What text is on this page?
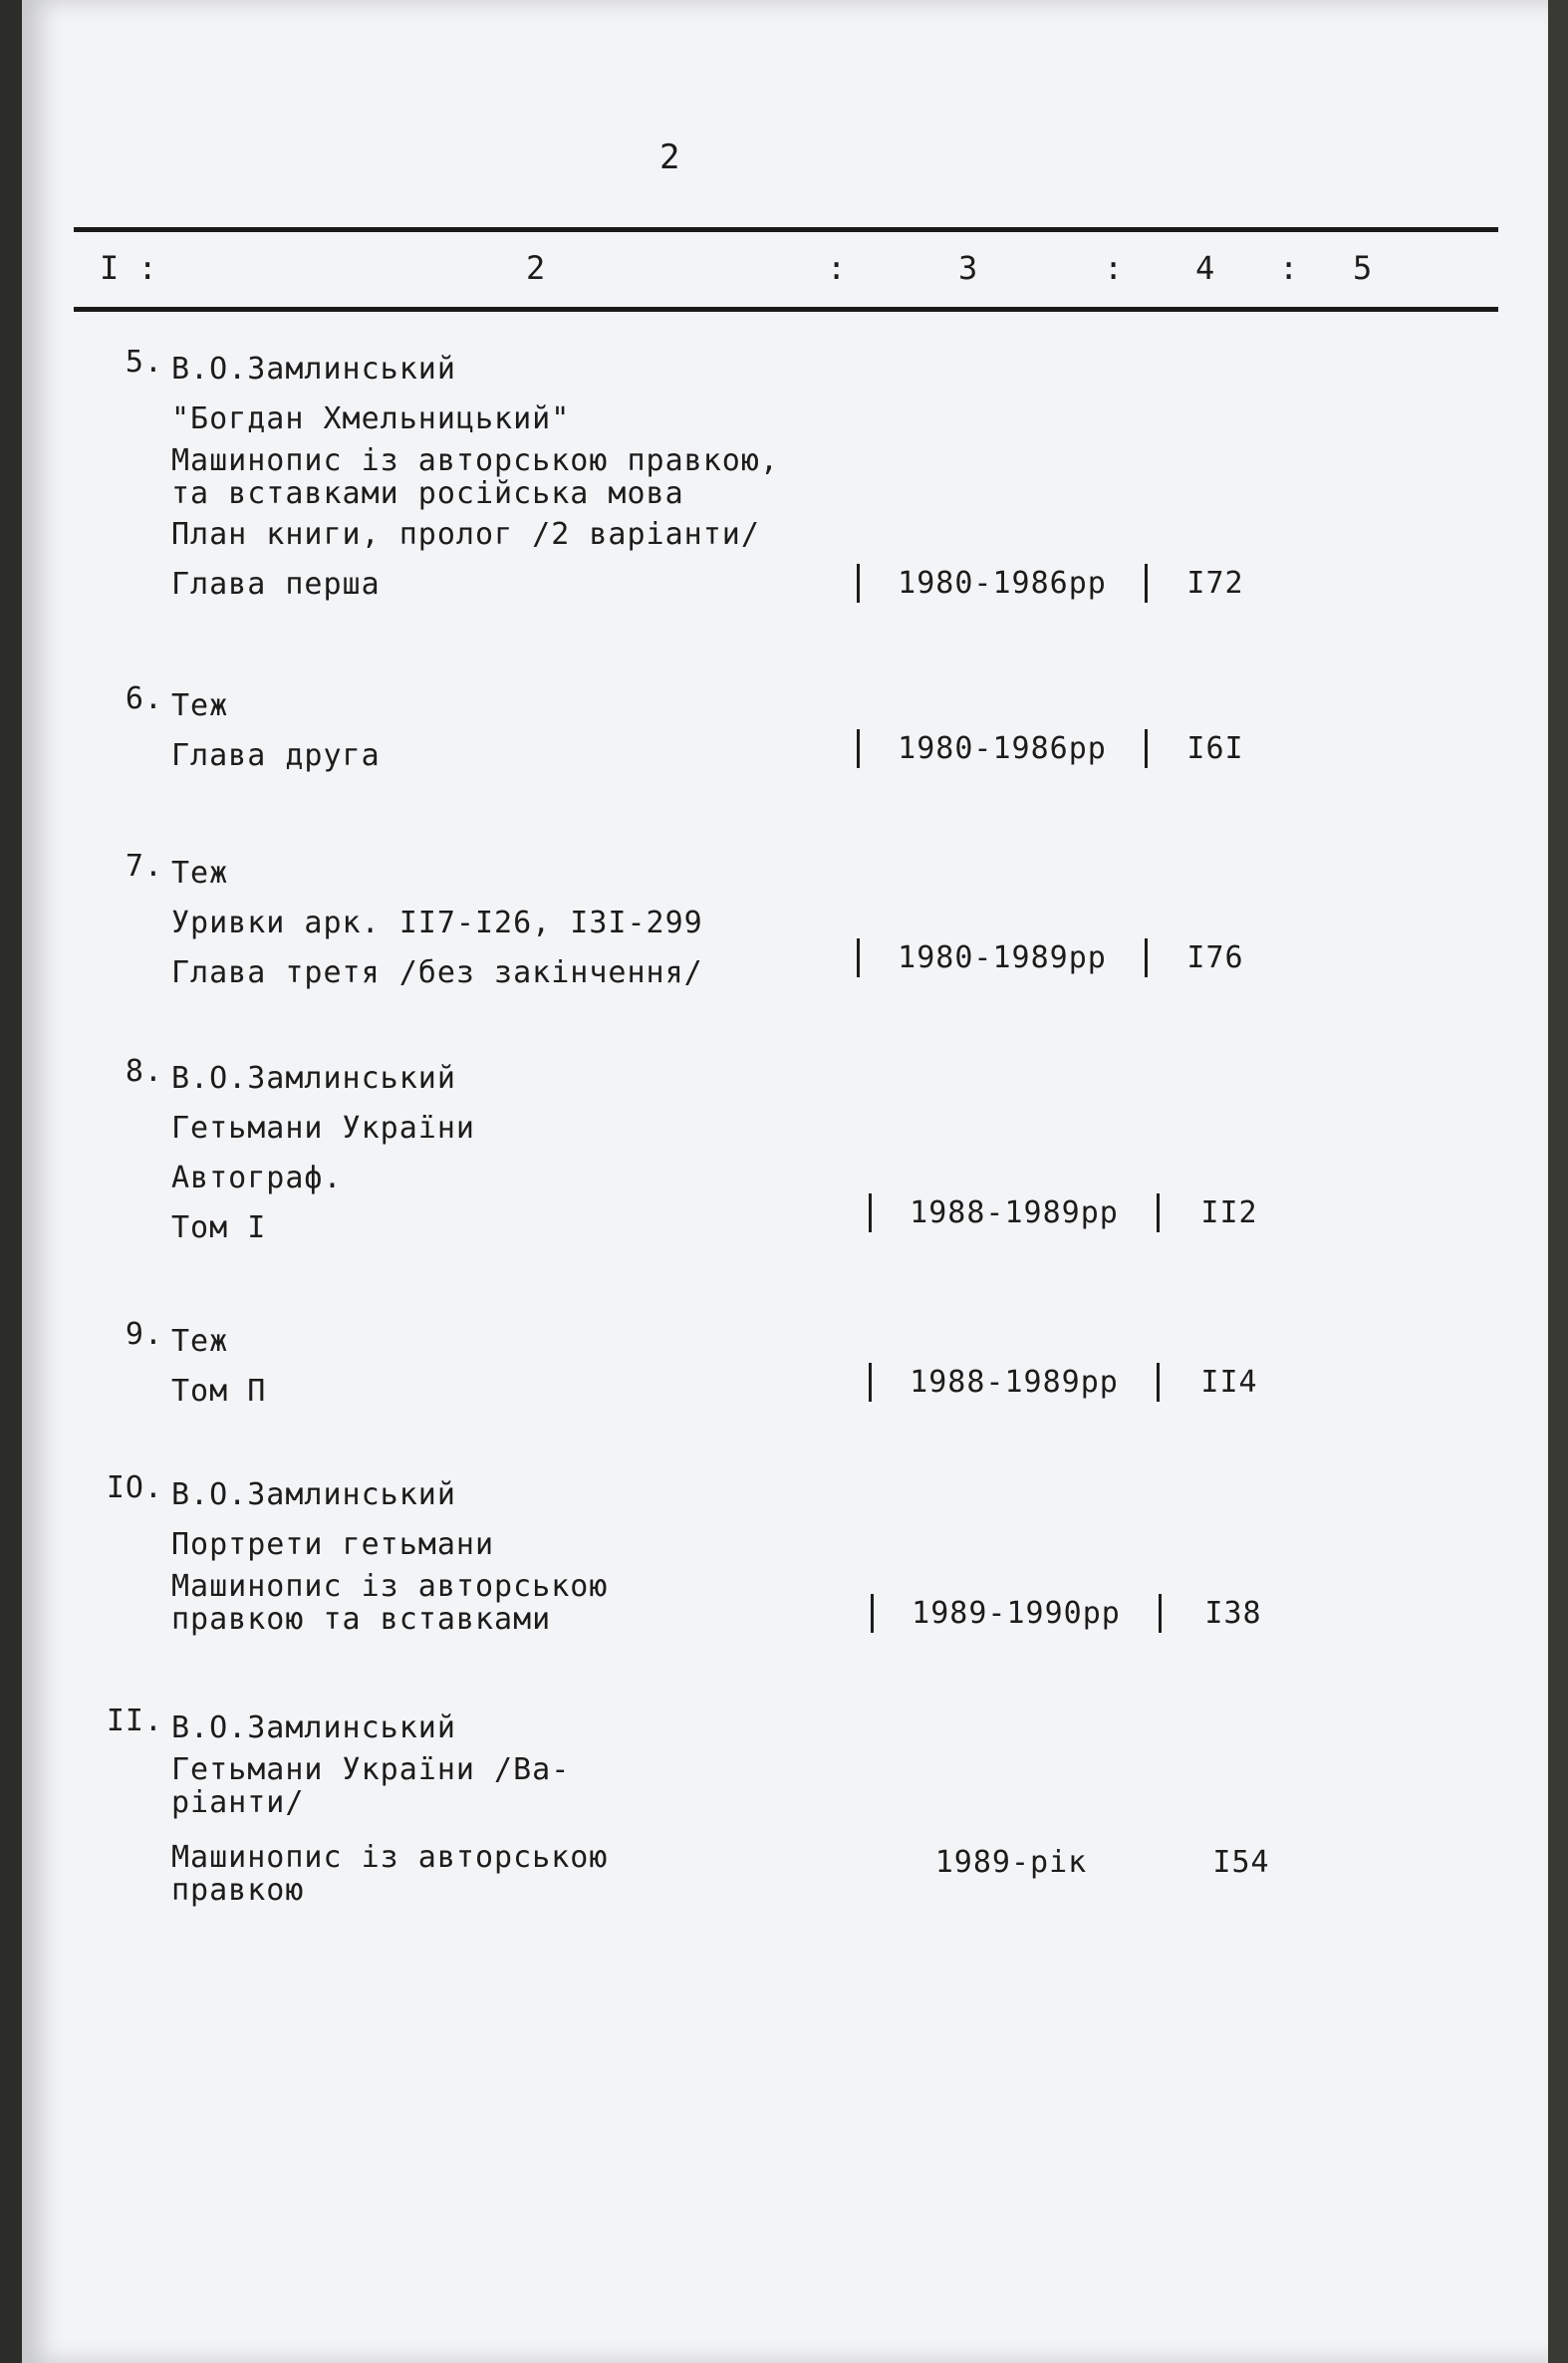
2
I :	2	:	3	: 4 : 5
5. В.О.Замлинський
"Богдан Хмельницький"
Машинопис із авторською правкою,
та вставками російська мова
План книги, пролог /2 варіанти/
Глава перша	1980-1986рр	I72
6. Теж
Глава друга	1980-1986рр	I6I
7. Теж
Уривки арк. II7-I26, I3I-299
Глава третя /без закінчення/	1980-1989рр	I76
8. В.О.Замлинський
Гетьмани України
Автограф.
Том I	1988-1989рр	II2
9. Теж
Том П	1988-1989рр	II4
IO. В.О.Замлинський
Портрети гетьмани
Машинопис із авторською
правкою та вставками	1989-1990рр	I38
II. В.О.Замлинський
Гетьмани України /Ва-
ріанти/
Машинопис із авторською
правкою
1989-рік	I54
